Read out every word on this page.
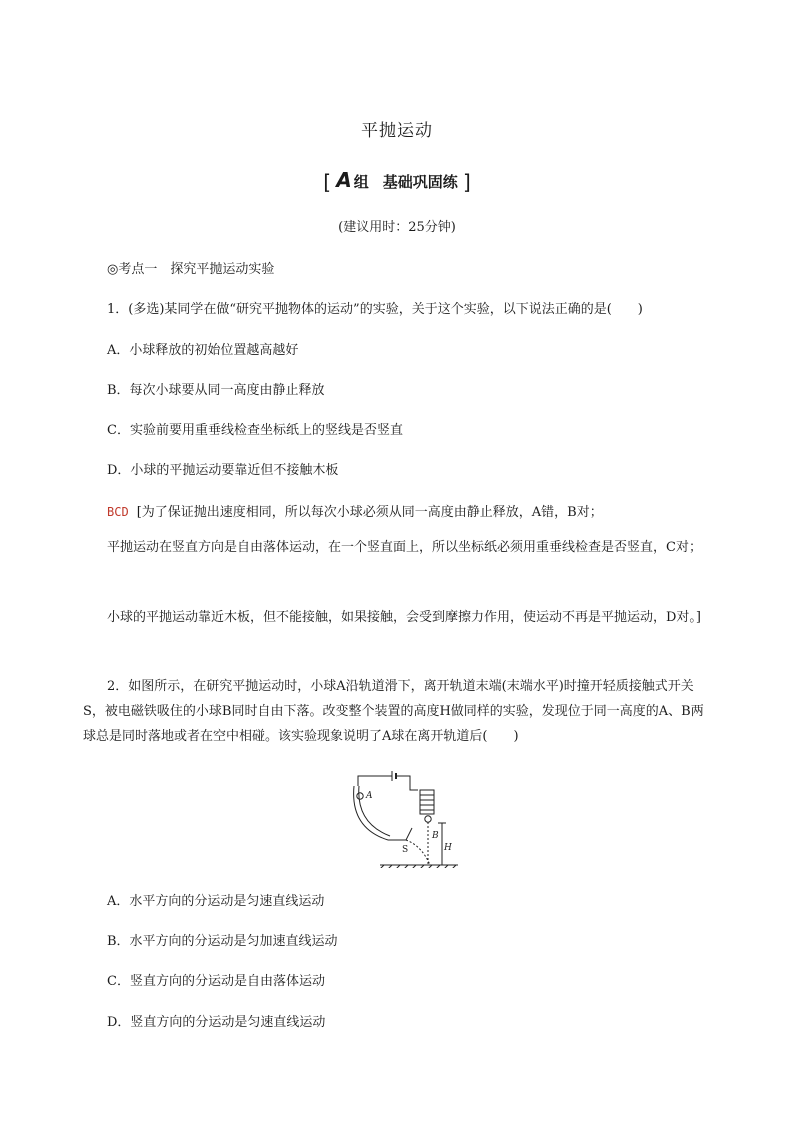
平抛运动
[ A 组 基础巩固练 ]
(建议用时：25分钟)
◎考点一　探究平抛运动实验
1．(多选)某同学在做“研究平抛物体的运动”的实验，关于这个实验，以下说法正确的是(　　)
A．小球释放的初始位置越高越好
B．每次小球要从同一高度由静止释放
C．实验前要用重垂线检查坐标纸上的竖线是否竖直
D．小球的平抛运动要靠近但不接触木板
BCD [为了保证抛出速度相同，所以每次小球必须从同一高度由静止释放，A错，B对；
平抛运动在竖直方向是自由落体运动，在一个竖直面上，所以坐标纸必须用重垂线检查是否竖直，C对；
小球的平抛运动靠近木板，但不能接触，如果接触，会受到摩擦力作用，使运动不再是平抛运动，D对。]
2．如图所示，在研究平抛运动时，小球A沿轨道滑下，离开轨道末端(末端水平)时撞开轻质接触式开关S，被电磁铁吸住的小球B同时自由下落。改变整个装置的高度H做同样的实验，发现位于同一高度的A、B两球总是同时落地或者在空中相碰。该实验现象说明了A球在离开轨道后(　　)
A
B
S	H
A．水平方向的分运动是匀速直线运动
B．水平方向的分运动是匀加速直线运动
C．竖直方向的分运动是自由落体运动
D．竖直方向的分运动是匀速直线运动
